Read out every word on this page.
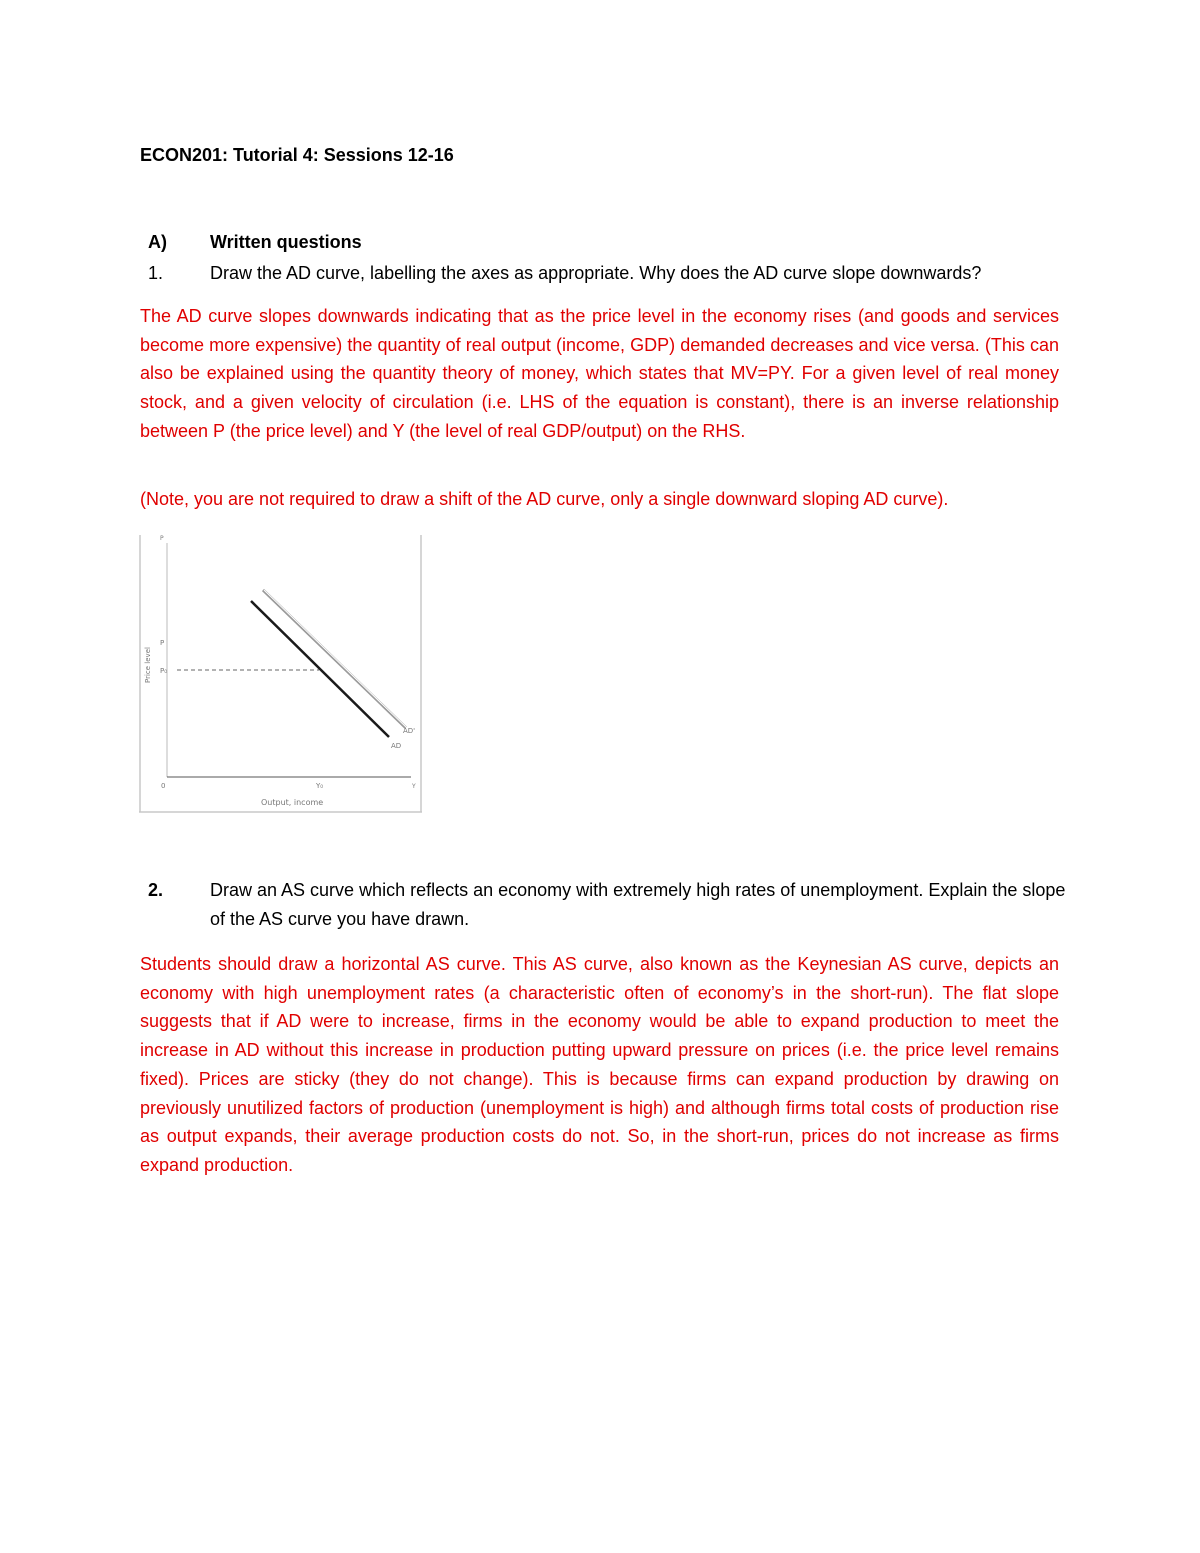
ECON201: Tutorial 4: Sessions 12-16
A) Written questions
1.	Draw the AD curve, labelling the axes as appropriate. Why does the AD curve slope downwards?
The AD curve slopes downwards indicating that as the price level in the economy rises (and goods and services become more expensive) the quantity of real output (income, GDP) demanded decreases and vice versa. (This can also be explained using the quantity theory of money, which states that MV=PY. For a given level of real money stock, and a given velocity of circulation (i.e. LHS of the equation is constant), there is an inverse relationship between P (the price level) and Y (the level of real GDP/output) on the RHS.
(Note, you are not required to draw a shift of the AD curve, only a single downward sloping AD curve).
P
P
P₀
Price level
AD'
AD
0	Y₀	Y
Output, income
2.	Draw an AS curve which reflects an economy with extremely high rates of unemployment. Explain the slope of the AS curve you have drawn.
Students should draw a horizontal AS curve. This AS curve, also known as the Keynesian AS curve, depicts an economy with high unemployment rates (a characteristic often of economy’s in the short-run). The flat slope suggests that if AD were to increase, firms in the economy would be able to expand production to meet the increase in AD without this increase in production putting upward pressure on prices (i.e. the price level remains fixed). Prices are sticky (they do not change). This is because firms can expand production by drawing on previously unutilized factors of production (unemployment is high) and although firms total costs of production rise as output expands, their average production costs do not. So, in the short-run, prices do not increase as firms expand production.
